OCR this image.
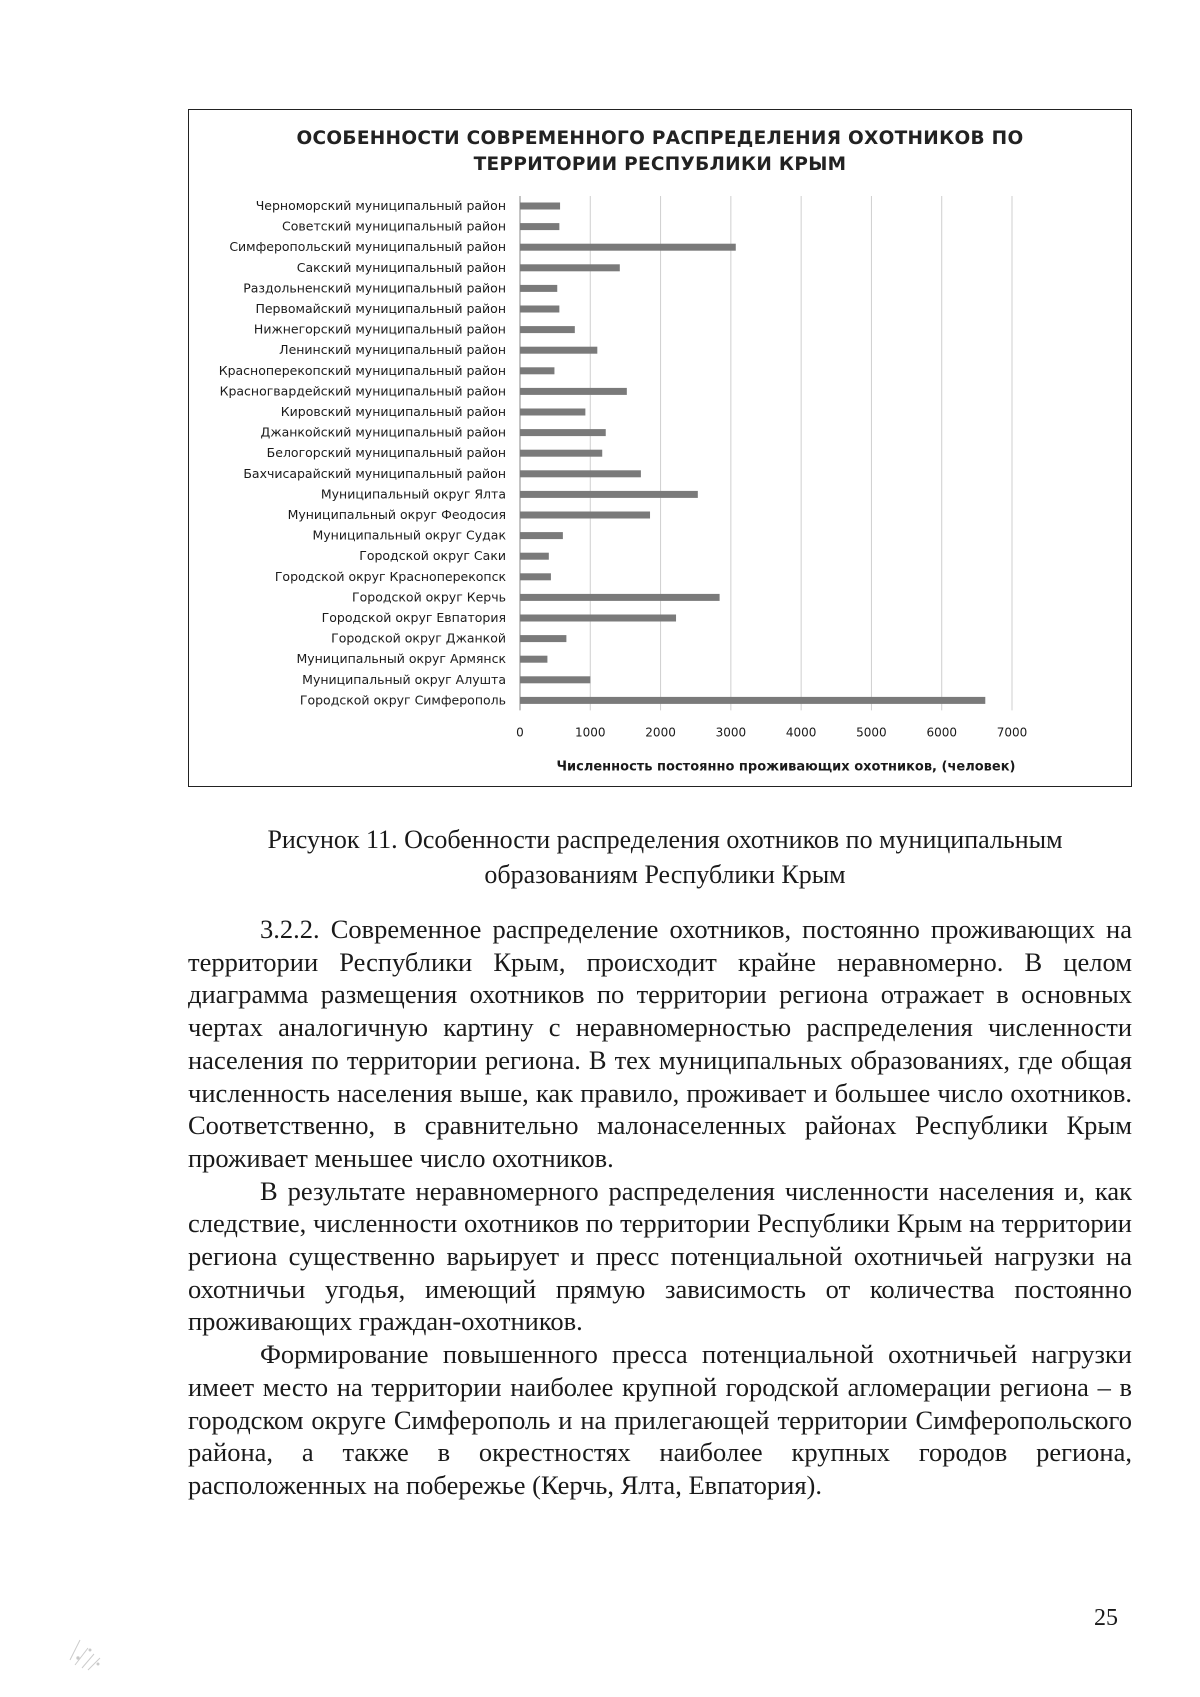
ОСОБЕННОСТИ СОВРЕМЕННОГО РАСПРЕДЕЛЕНИЯ ОХОТНИКОВ ПО
ТЕРРИТОРИИ РЕСПУБЛИКИ КРЫМ
Черноморский муниципальный район
Советский муниципальный район
Симферопольский муниципальный район
Сакский муниципальный район
Раздольненский муниципальный район
Первомайский муниципальный район
Нижнегорский муниципальный район
Ленинский муниципальный район
Красноперекопский муниципальный район
Красногвардейский муниципальный район
Кировский муниципальный район
Джанкойский муниципальный район
Белогорский муниципальный район
Бахчисарайский муниципальный район
Муниципальный округ Ялта
Муниципальный округ Феодосия
Муниципальный округ Судак
Городской округ Саки
Городской округ Красноперекопск
Городской округ Керчь
Городской округ Евпатория
Городской округ Джанкой
Муниципальный округ Армянск
Муниципальный округ Алушта
Городской округ Симферополь
0	1000	2000	3000	4000	5000	6000	7000
Численность постоянно проживающих охотников, (человек)
Рисунок 11. Особенности распределения охотников по муниципальным
образованиям Республики Крым

3.2.2. Современное распределение охотников, постоянно проживающих на территории Республики Крым, происходит крайне неравномерно. В целом диаграмма размещения охотников по территории региона отражает в основных чертах аналогичную картину с неравномерностью распределения численности населения по территории региона. В тех муниципальных образованиях, где общая численность населения выше, как правило, проживает и большее число охотников. Соответственно, в сравнительно малонаселенных районах Республики Крым проживает меньшее число охотников.

В результате неравномерного распределения численности населения и, как следствие, численности охотников по территории Республики Крым на территории региона существенно варьирует и пресс потенциальной охотничьей нагрузки на охотничьи угодья, имеющий прямую зависимость от количества постоянно проживающих граждан-охотников.

Формирование повышенного пресса потенциальной охотничьей нагрузки имеет место на территории наиболее крупной городской агломерации региона – в городском округе Симферополь и на прилегающей территории Симферопольского района, а также в окрестностях наиболее крупных городов региона, расположенных на побережье (Керчь, Ялта, Евпатория).

25
